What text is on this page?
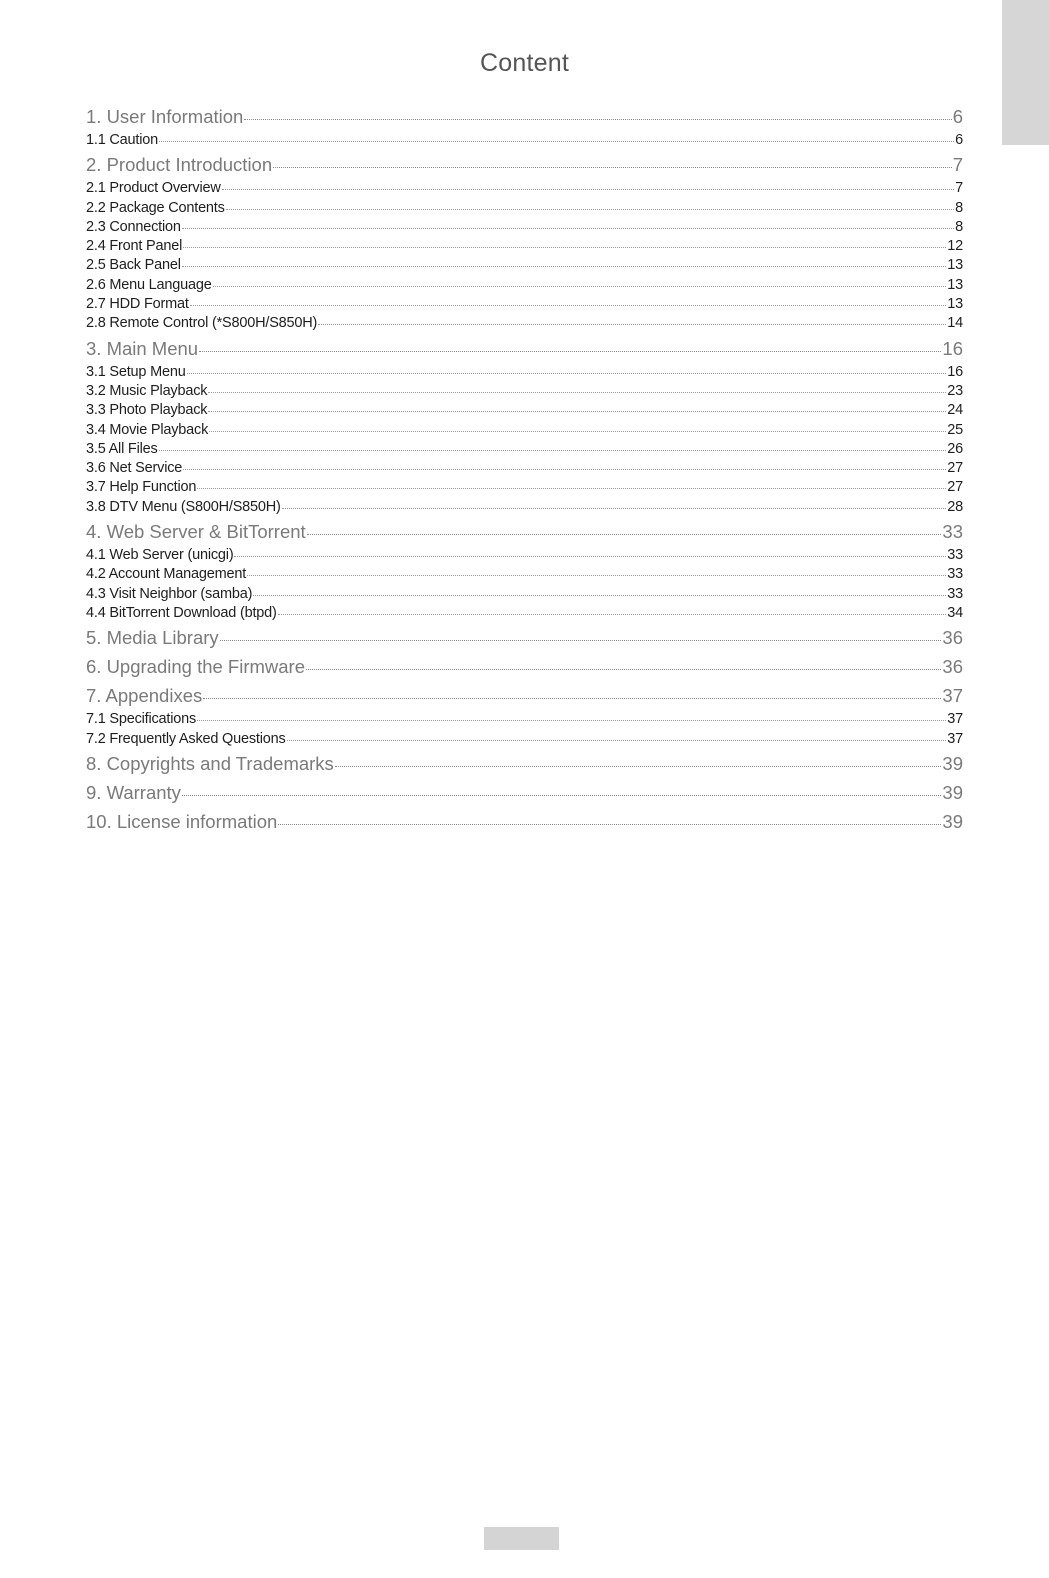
Content
1. User Information	6
1.1 Caution	6
2. Product Introduction	7
2.1 Product Overview	7
2.2 Package Contents	8
2.3 Connection	8
2.4 Front Panel	12
2.5 Back Panel	13
2.6 Menu Language	13
2.7 HDD Format	13
2.8 Remote Control (*S800H/S850H)	14
3. Main Menu	16
3.1 Setup Menu	16
3.2 Music Playback	23
3.3 Photo Playback	24
3.4 Movie Playback	25
3.5 All Files	26
3.6 Net Service	27
3.7 Help Function	27
3.8 DTV Menu (S800H/S850H)	28
4. Web Server & BitTorrent	33
4.1 Web Server (unicgi)	33
4.2 Account Management	33
4.3 Visit Neighbor (samba)	33
4.4 BitTorrent Download (btpd)	34
5. Media Library	36
6. Upgrading the Firmware	36
7. Appendixes	37
7.1 Specifications	37
7.2 Frequently Asked Questions	37
8. Copyrights and Trademarks	39
9. Warranty	39
10. License information	39
